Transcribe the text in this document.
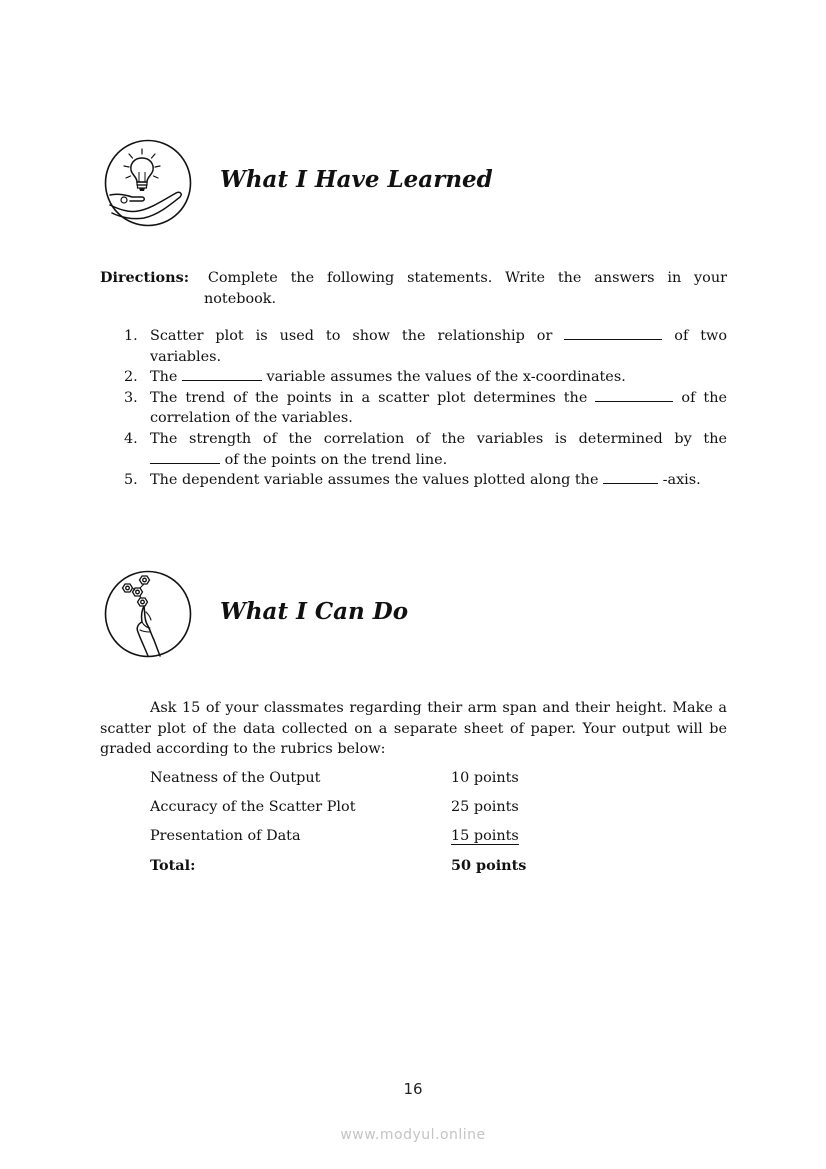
What I Have Learned
Directions: Complete the following statements. Write the answers in your
notebook.
1. Scatter plot is used to show the relationship or	of two
variables.
2. The	variable assumes the values of the x-coordinates.
3. The trend of the points in a scatter plot determines the	of the
correlation of the variables.
4. The strength of the correlation of the variables is determined by the
of the points on the trend line.
5. The dependent variable assumes the values plotted along the	-axis.
What I Can Do
Ask 15 of your classmates regarding their arm span and their height. Make a
scatter plot of the data collected on a separate sheet of paper. Your output will be
graded according to the rubrics below:
Neatness of the Output	10 points
Accuracy of the Scatter Plot	25 points
Presentation of Data	15 points
Total:	50 points
16
www.modyul.online
